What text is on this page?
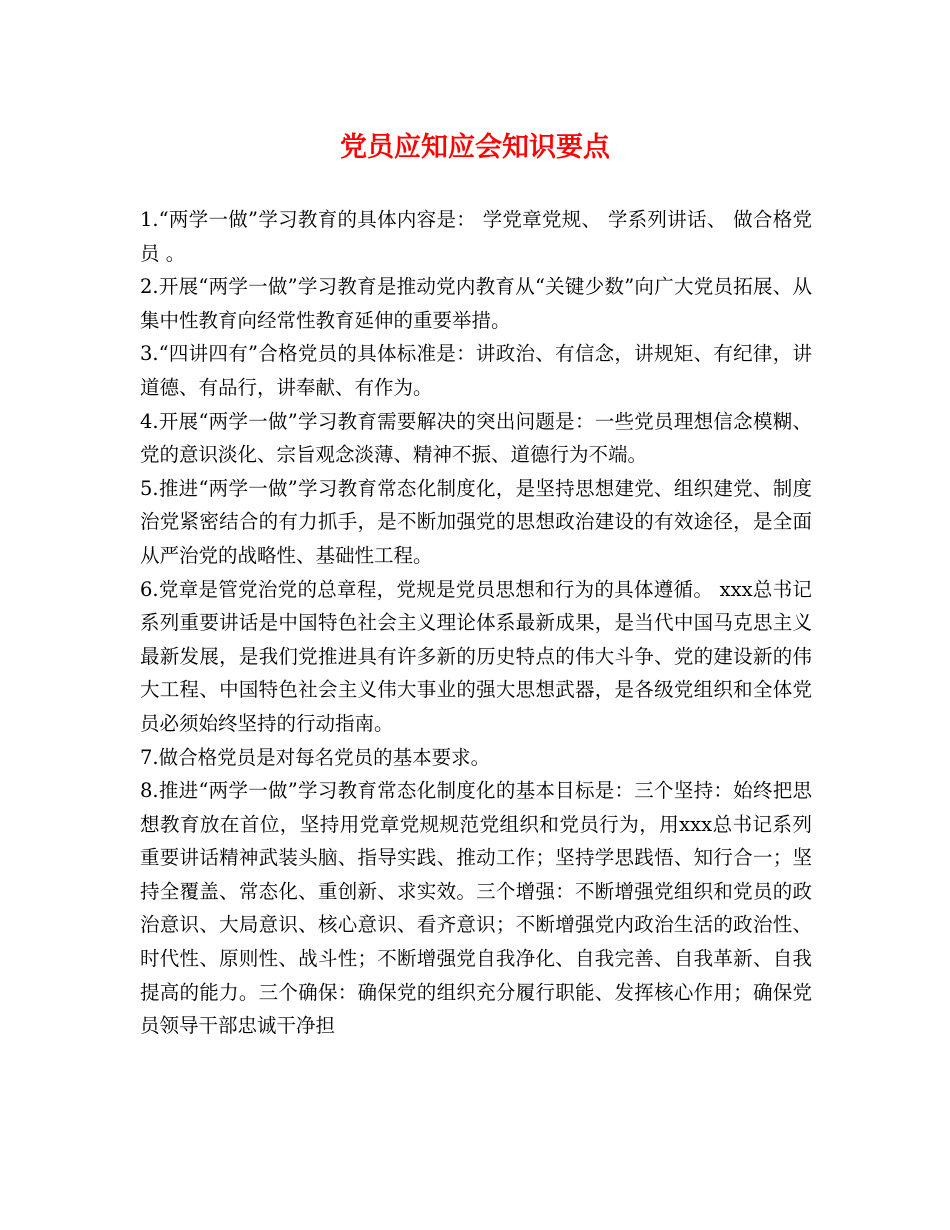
党员应知应会知识要点

1.“两学一做”学习教育的具体内容是： 学党章党规、 学系列讲话、 做合格党员 。

2.开展“两学一做”学习教育是推动党内教育从“关键少数”向广大党员拓展、从集中性教育向经常性教育延伸的重要举措。

3.“四讲四有”合格党员的具体标准是：讲政治、有信念，讲规矩、有纪律，讲道德、有品行，讲奉献、有作为。

4.开展“两学一做”学习教育需要解决的突出问题是：一些党员理想信念模糊、党的意识淡化、宗旨观念淡薄、精神不振、道德行为不端。

5.推进“两学一做”学习教育常态化制度化，是坚持思想建党、组织建党、制度治党紧密结合的有力抓手，是不断加强党的思想政治建设的有效途径，是全面从严治党的战略性、基础性工程。

6.党章是管党治党的总章程，党规是党员思想和行为的具体遵循。 xxx总书记系列重要讲话是中国特色社会主义理论体系最新成果，是当代中国马克思主义最新发展，是我们党推进具有许多新的历史特点的伟大斗争、党的建设新的伟大工程、中国特色社会主义伟大事业的强大思想武器，是各级党组织和全体党员必须始终坚持的行动指南。

7.做合格党员是对每名党员的基本要求。

8.推进“两学一做”学习教育常态化制度化的基本目标是：三个坚持：始终把思想教育放在首位，坚持用党章党规规范党组织和党员行为，用xxx总书记系列重要讲话精神武装头脑、指导实践、推动工作；坚持学思践悟、知行合一；坚持全覆盖、常态化、重创新、求实效。三个增强：不断增强党组织和党员的政治意识、大局意识、核心意识、看齐意识；不断增强党内政治生活的政治性、时代性、原则性、战斗性；不断增强党自我净化、自我完善、自我革新、自我提高的能力。三个确保：确保党的组织充分履行职能、发挥核心作用；确保党员领导干部忠诚干净担
